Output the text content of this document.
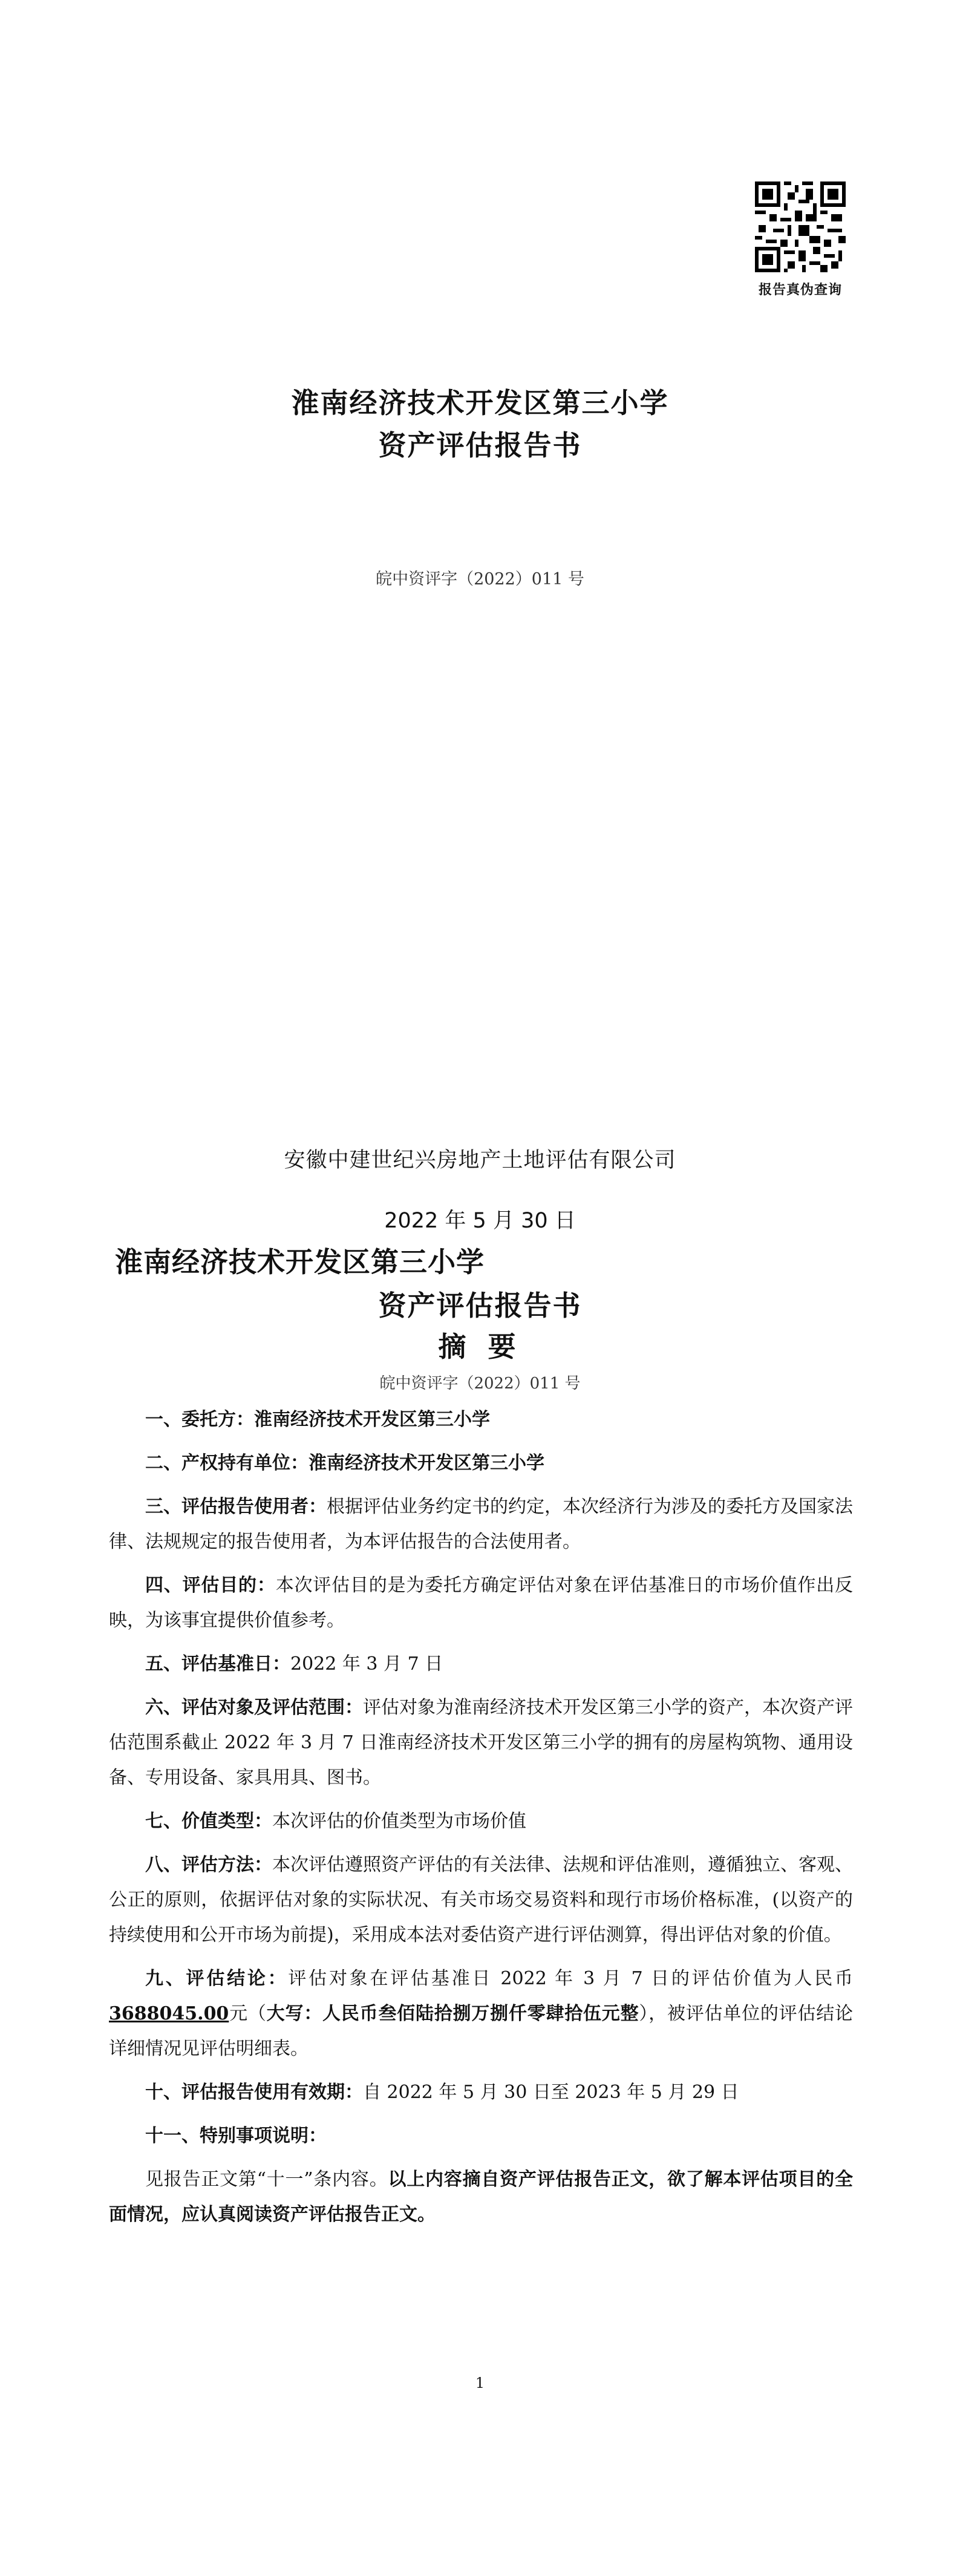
报告真伪查询
淮南经济技术开发区第三小学
资产评估报告书
皖中资评字（2022）011 号
安徽中建世纪兴房地产土地评估有限公司
2022 年 5 月 30 日
淮南经济技术开发区第三小学
资产评估报告书
摘 要
皖中资评字（2022）011 号

一、委托方：淮南经济技术开发区第三小学

二、产权持有单位：淮南经济技术开发区第三小学

三、评估报告使用者：根据评估业务约定书的约定，本次经济行为涉及的委托方及国家法律、法规规定的报告使用者，为本评估报告的合法使用者。

四、评估目的：本次评估目的是为委托方确定评估对象在评估基准日的市场价值作出反映，为该事宜提供价值参考。

五、评估基准日：2022 年 3 月 7 日

六、评估对象及评估范围：评估对象为淮南经济技术开发区第三小学的资产，本次资产评估范围系截止 2022 年 3 月 7 日淮南经济技术开发区第三小学的拥有的房屋构筑物、通用设备、专用设备、家具用具、图书。

七、价值类型：本次评估的价值类型为市场价值

八、评估方法：本次评估遵照资产评估的有关法律、法规和评估准则，遵循独立、客观、公正的原则，依据评估对象的实际状况、有关市场交易资料和现行市场价格标准，(以资产的持续使用和公开市场为前提)，采用成本法对委估资产进行评估测算，得出评估对象的价值。

九、评估结论：评估对象在评估基准日 2022 年 3 月 7 日的评估价值为人民币3688045.00元（大写：人民币叁佰陆拾捌万捌仟零肆拾伍元整），被评估单位的评估结论详细情况见评估明细表。

十、评估报告使用有效期：自 2022 年 5 月 30 日至 2023 年 5 月 29 日

十一、特别事项说明：

见报告正文第“十一”条内容。以上内容摘自资产评估报告正文，欲了解本评估项目的全面情况，应认真阅读资产评估报告正文。

1
